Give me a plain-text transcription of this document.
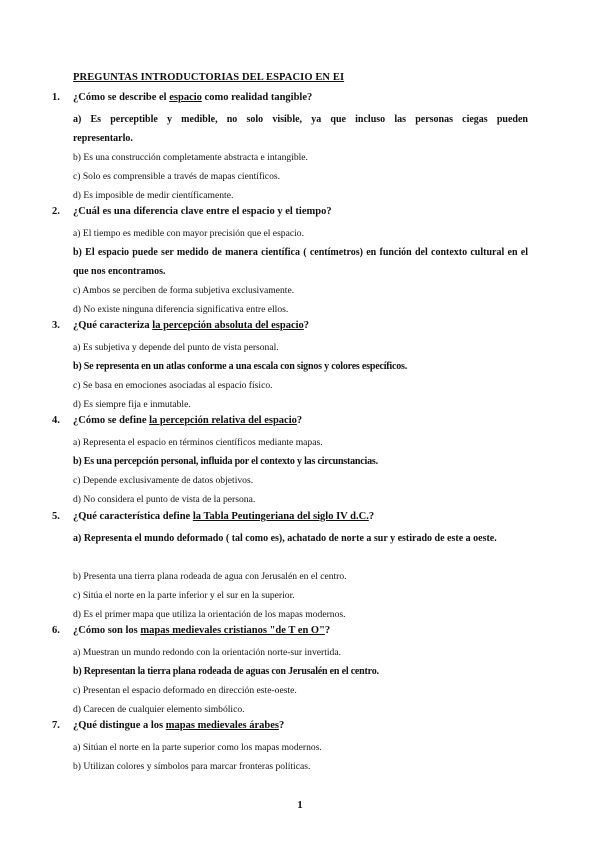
PREGUNTAS INTRODUCTORIAS DEL ESPACIO EN EI
1. ¿Cómo se describe el espacio como realidad tangible?
a) Es perceptible y medible, no solo visible, ya que incluso las personas ciegas pueden representarlo.
b) Es una construcción completamente abstracta e intangible.
c) Solo es comprensible a través de mapas científicos.
d) Es imposible de medir científicamente.
2. ¿Cuál es una diferencia clave entre el espacio y el tiempo?
a) El tiempo es medible con mayor precisión que el espacio.
b) El espacio puede ser medido de manera científica ( centímetros) en función del contexto cultural en el que nos encontramos.
c) Ambos se perciben de forma subjetiva exclusivamente.
d) No existe ninguna diferencia significativa entre ellos.
3. ¿Qué caracteriza la percepción absoluta del espacio?
a) Es subjetiva y depende del punto de vista personal.
b) Se representa en un atlas conforme a una escala con signos y colores específicos.
c) Se basa en emociones asociadas al espacio físico.
d) Es siempre fija e inmutable.
4. ¿Cómo se define la percepción relativa del espacio?
a) Representa el espacio en términos científicos mediante mapas.
b) Es una percepción personal, influida por el contexto y las circunstancias.
c) Depende exclusivamente de datos objetivos.
d) No considera el punto de vista de la persona.
5. ¿Qué característica define la Tabla Peutingeriana del siglo IV d.C.?
a) Representa el mundo deformado ( tal como es), achatado de norte a sur y estirado de este a oeste.
b) Presenta una tierra plana rodeada de agua con Jerusalén en el centro.
c) Sitúa el norte en la parte inferior y el sur en la superior.
d) Es el primer mapa que utiliza la orientación de los mapas modernos.
6. ¿Cómo son los mapas medievales cristianos "de T en O"?
a) Muestran un mundo redondo con la orientación norte-sur invertida.
b) Representan la tierra plana rodeada de aguas con Jerusalén en el centro.
c) Presentan el espacio deformado en dirección este-oeste.
d) Carecen de cualquier elemento simbólico.
7. ¿Qué distingue a los mapas medievales árabes?
a) Sitúan el norte en la parte superior como los mapas modernos.
b) Utilizan colores y símbolos para marcar fronteras políticas.
1
